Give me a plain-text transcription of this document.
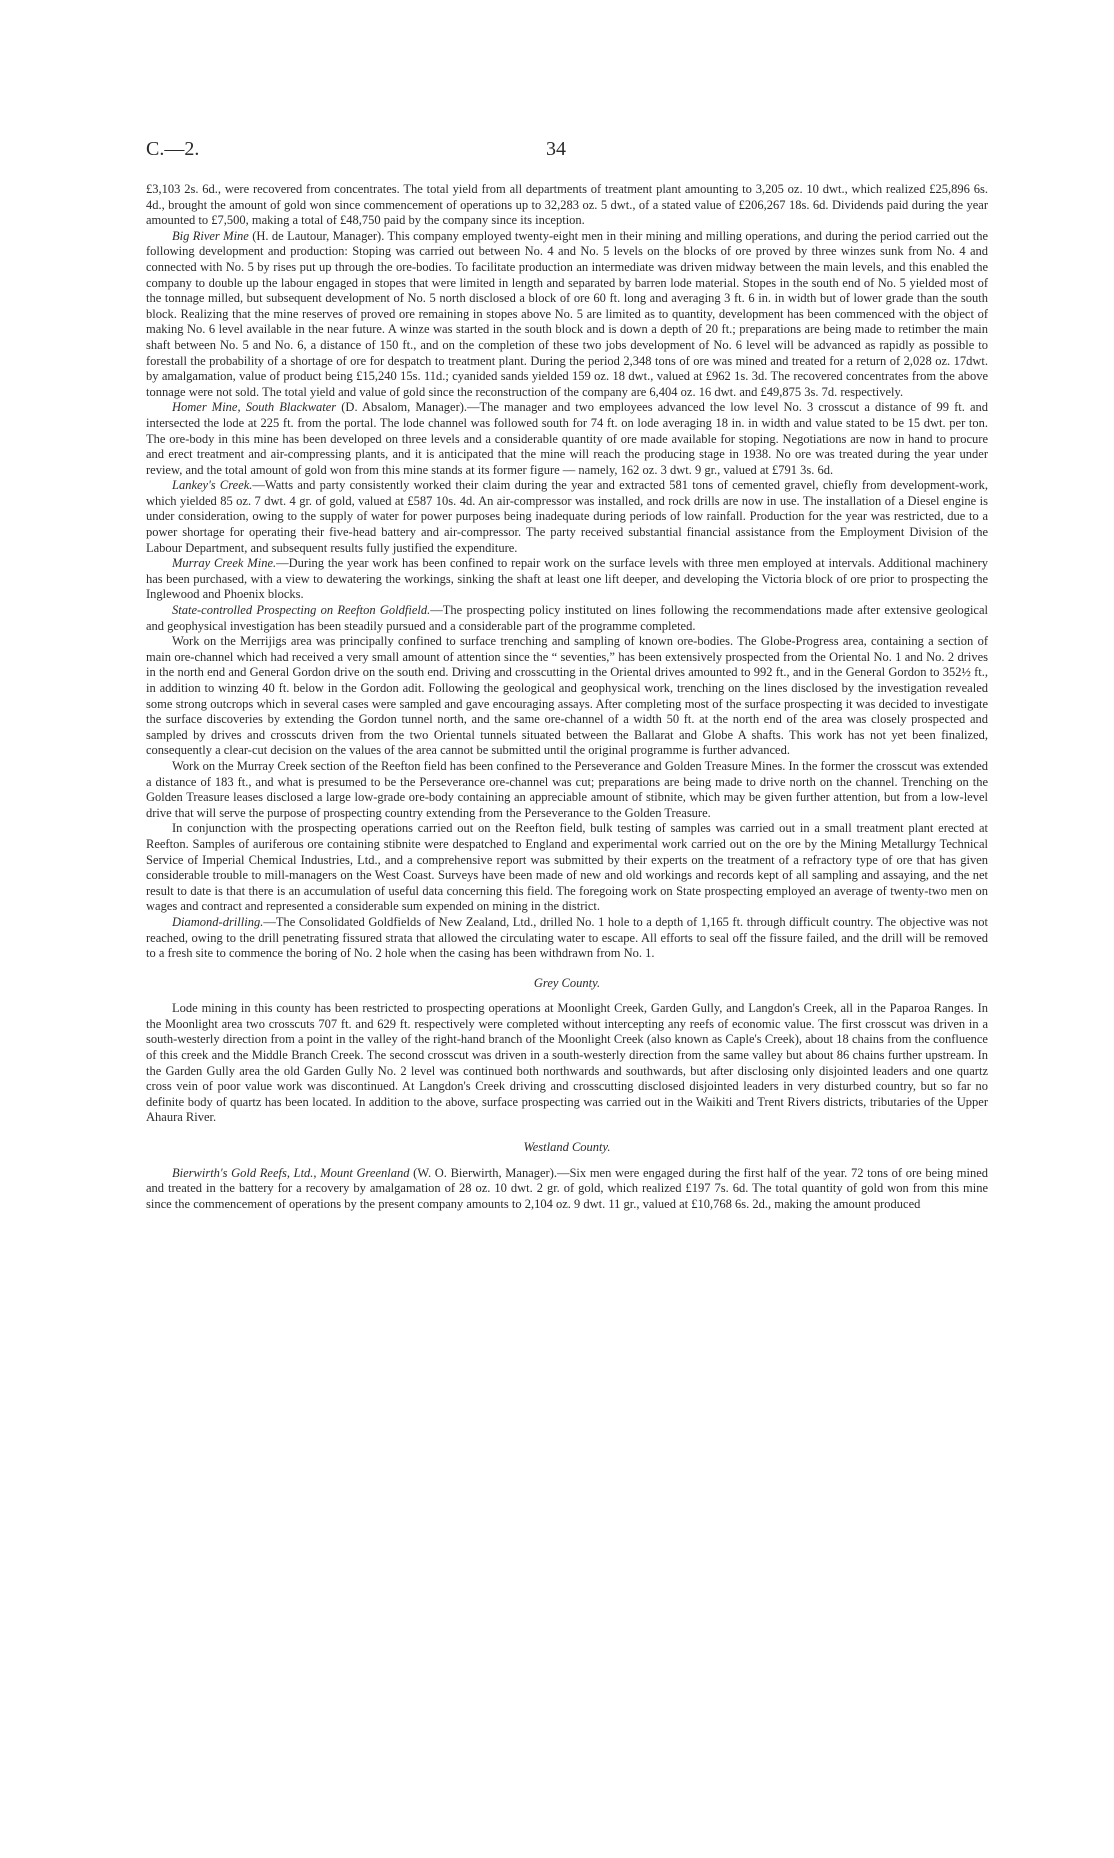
C.—2.	34

£3,103 2s. 6d., were recovered from concentrates. The total yield from all departments of treatment plant amounting to 3,205 oz. 10 dwt., which realized £25,896 6s. 4d., brought the amount of gold won since commencement of operations up to 32,283 oz. 5 dwt., of a stated value of £206,267 18s. 6d. Dividends paid during the year amounted to £7,500, making a total of £48,750 paid by the company since its inception.

Big River Mine (H. de Lautour, Manager). This company employed twenty-eight men in their mining and milling operations, and during the period carried out the following development and production: Stoping was carried out between No. 4 and No. 5 levels on the blocks of ore proved by three winzes sunk from No. 4 and connected with No. 5 by rises put up through the ore-bodies. To facilitate production an intermediate was driven midway between the main levels, and this enabled the company to double up the labour engaged in stopes that were limited in length and separated by barren lode material. Stopes in the south end of No. 5 yielded most of the tonnage milled, but subsequent development of No. 5 north disclosed a block of ore 60 ft. long and averaging 3 ft. 6 in. in width but of lower grade than the south block. Realizing that the mine reserves of proved ore remaining in stopes above No. 5 are limited as to quantity, development has been commenced with the object of making No. 6 level available in the near future. A winze was started in the south block and is down a depth of 20 ft.; preparations are being made to retimber the main shaft between No. 5 and No. 6, a distance of 150 ft., and on the completion of these two jobs development of No. 6 level will be advanced as rapidly as possible to forestall the probability of a shortage of ore for despatch to treatment plant. During the period 2,348 tons of ore was mined and treated for a return of 2,028 oz. 17dwt. by amalgamation, value of product being £15,240 15s. 11d.; cyanided sands yielded 159 oz. 18 dwt., valued at £962 1s. 3d. The recovered concentrates from the above tonnage were not sold. The total yield and value of gold since the reconstruction of the company are 6,404 oz. 16 dwt. and £49,875 3s. 7d. respectively.

Homer Mine, South Blackwater (D. Absalom, Manager).—The manager and two employees advanced the low level No. 3 crosscut a distance of 99 ft. and intersected the lode at 225 ft. from the portal. The lode channel was followed south for 74 ft. on lode averaging 18 in. in width and value stated to be 15 dwt. per ton. The ore-body in this mine has been developed on three levels and a considerable quantity of ore made available for stoping. Negotiations are now in hand to procure and erect treatment and air-compressing plants, and it is anticipated that the mine will reach the producing stage in 1938. No ore was treated during the year under review, and the total amount of gold won from this mine stands at its former figure — namely, 162 oz. 3 dwt. 9 gr., valued at £791 3s. 6d.

Lankey's Creek.—Watts and party consistently worked their claim during the year and extracted 581 tons of cemented gravel, chiefly from development-work, which yielded 85 oz. 7 dwt. 4 gr. of gold, valued at £587 10s. 4d. An air-compressor was installed, and rock drills are now in use. The installation of a Diesel engine is under consideration, owing to the supply of water for power purposes being inadequate during periods of low rainfall. Production for the year was restricted, due to a power shortage for operating their five-head battery and air-compressor. The party received substantial financial assistance from the Employment Division of the Labour Department, and subsequent results fully justified the expenditure.

Murray Creek Mine.—During the year work has been confined to repair work on the surface levels with three men employed at intervals. Additional machinery has been purchased, with a view to dewatering the workings, sinking the shaft at least one lift deeper, and developing the Victoria block of ore prior to prospecting the Inglewood and Phoenix blocks.

State-controlled Prospecting on Reefton Goldfield.—The prospecting policy instituted on lines following the recommendations made after extensive geological and geophysical investigation has been steadily pursued and a considerable part of the programme completed.

Work on the Merrijigs area was principally confined to surface trenching and sampling of known ore-bodies. The Globe-Progress area, containing a section of main ore-channel which had received a very small amount of attention since the “ seventies,” has been extensively prospected from the Oriental No. 1 and No. 2 drives in the north end and General Gordon drive on the south end. Driving and crosscutting in the Oriental drives amounted to 992 ft., and in the General Gordon to 352½ ft., in addition to winzing 40 ft. below in the Gordon adit. Following the geological and geophysical work, trenching on the lines disclosed by the investigation revealed some strong outcrops which in several cases were sampled and gave encouraging assays. After completing most of the surface prospecting it was decided to investigate the surface discoveries by extending the Gordon tunnel north, and the same ore-channel of a width 50 ft. at the north end of the area was closely prospected and sampled by drives and crosscuts driven from the two Oriental tunnels situated between the Ballarat and Globe A shafts. This work has not yet been finalized, consequently a clear-cut decision on the values of the area cannot be submitted until the original programme is further advanced.

Work on the Murray Creek section of the Reefton field has been confined to the Perseverance and Golden Treasure Mines. In the former the crosscut was extended a distance of 183 ft., and what is presumed to be the Perseverance ore-channel was cut; preparations are being made to drive north on the channel. Trenching on the Golden Treasure leases disclosed a large low-grade ore-body containing an appreciable amount of stibnite, which may be given further attention, but from a low-level drive that will serve the purpose of prospecting country extending from the Perseverance to the Golden Treasure.

In conjunction with the prospecting operations carried out on the Reefton field, bulk testing of samples was carried out in a small treatment plant erected at Reefton. Samples of auriferous ore containing stibnite were despatched to England and experimental work carried out on the ore by the Mining Metallurgy Technical Service of Imperial Chemical Industries, Ltd., and a comprehensive report was submitted by their experts on the treatment of a refractory type of ore that has given considerable trouble to mill-managers on the West Coast. Surveys have been made of new and old workings and records kept of all sampling and assaying, and the net result to date is that there is an accumulation of useful data concerning this field. The foregoing work on State prospecting employed an average of twenty-two men on wages and contract and represented a considerable sum expended on mining in the district.

Diamond-drilling.—The Consolidated Goldfields of New Zealand, Ltd., drilled No. 1 hole to a depth of 1,165 ft. through difficult country. The objective was not reached, owing to the drill penetrating fissured strata that allowed the circulating water to escape. All efforts to seal off the fissure failed, and the drill will be removed to a fresh site to commence the boring of No. 2 hole when the casing has been withdrawn from No. 1.

Grey County.

Lode mining in this county has been restricted to prospecting operations at Moonlight Creek, Garden Gully, and Langdon's Creek, all in the Paparoa Ranges. In the Moonlight area two crosscuts 707 ft. and 629 ft. respectively were completed without intercepting any reefs of economic value. The first crosscut was driven in a south-westerly direction from a point in the valley of the right-hand branch of the Moonlight Creek (also known as Caple's Creek), about 18 chains from the confluence of this creek and the Middle Branch Creek. The second crosscut was driven in a south-westerly direction from the same valley but about 86 chains further upstream. In the Garden Gully area the old Garden Gully No. 2 level was continued both northwards and southwards, but after disclosing only disjointed leaders and one quartz cross vein of poor value work was discontinued. At Langdon's Creek driving and crosscutting disclosed disjointed leaders in very disturbed country, but so far no definite body of quartz has been located. In addition to the above, surface prospecting was carried out in the Waikiti and Trent Rivers districts, tributaries of the Upper Ahaura River.

Westland County.

Bierwirth's Gold Reefs, Ltd., Mount Greenland (W. O. Bierwirth, Manager).—Six men were engaged during the first half of the year. 72 tons of ore being mined and treated in the battery for a recovery by amalgamation of 28 oz. 10 dwt. 2 gr. of gold, which realized £197 7s. 6d. The total quantity of gold won from this mine since the commencement of operations by the present company amounts to 2,104 oz. 9 dwt. 11 gr., valued at £10,768 6s. 2d., making the amount produced
